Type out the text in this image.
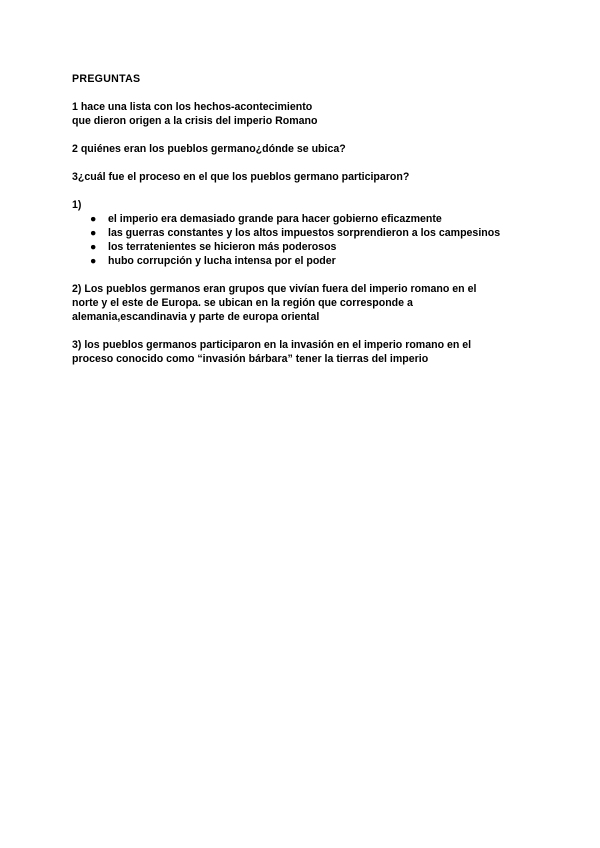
PREGUNTAS
1 hace una lista con los hechos-acontecimiento
que dieron origen a la crisis del imperio Romano
2 quiénes eran los pueblos germano¿dónde se ubica?
3¿cuál fue el proceso en el que los pueblos germano participaron?
1)
● el imperio era demasiado grande para hacer gobierno eficazmente
● las guerras constantes y los altos impuestos sorprendieron a los campesinos
● los terratenientes se hicieron más poderosos
● hubo corrupción y lucha intensa por el poder
2) Los pueblos germanos eran grupos que vivían fuera del imperio romano en el
norte y el este de Europa. se ubican en la región que corresponde a
alemania,escandinavia y parte de europa oriental
3) los pueblos germanos participaron en la invasión en el imperio romano en el
proceso conocido como “invasión bárbara” tener la tierras del imperio
